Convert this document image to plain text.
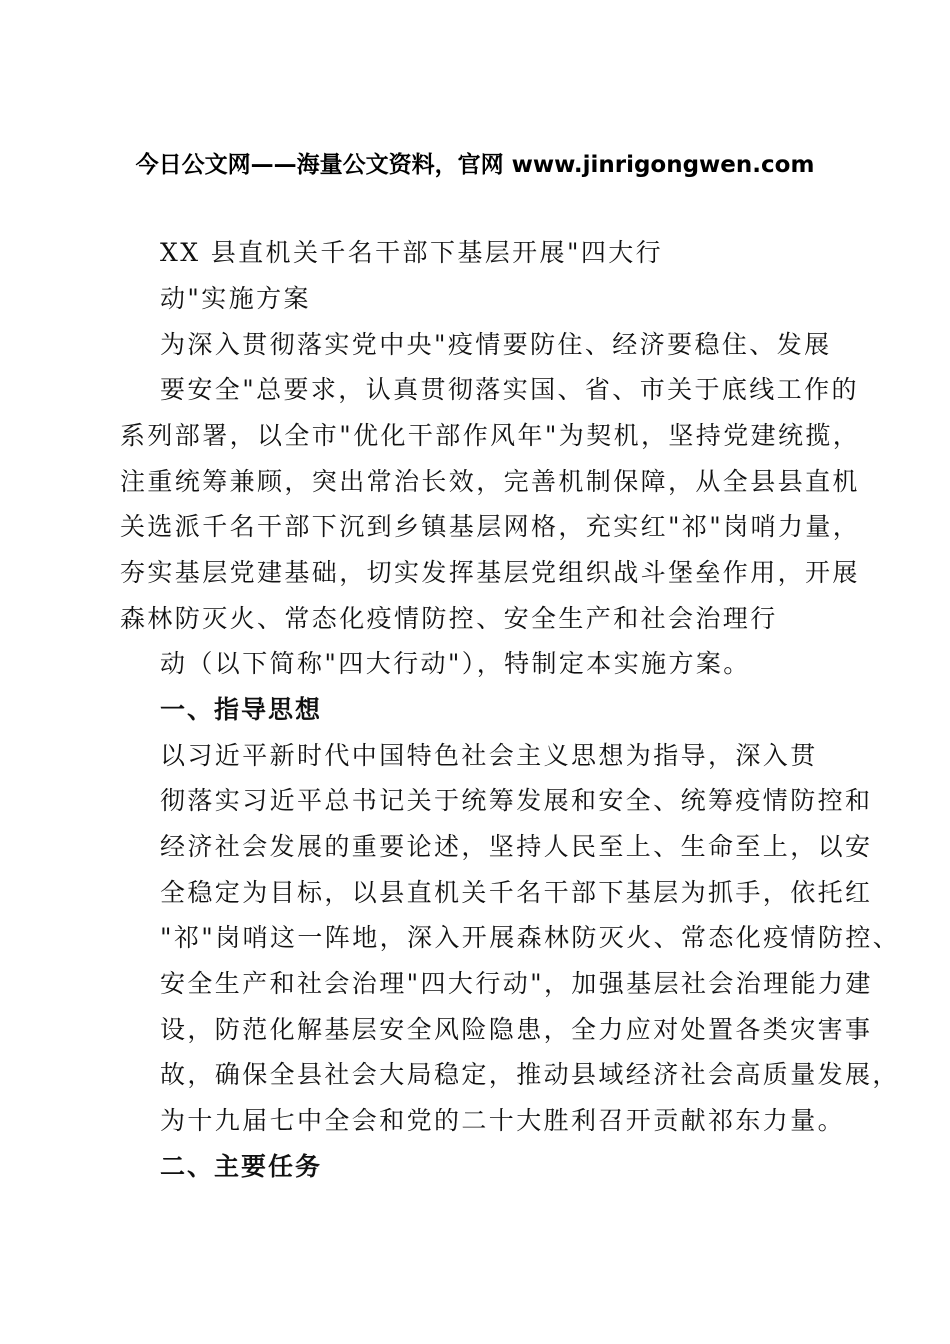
今日公文网——海量公文资料，官网 www.jinrigongwen.com
XX 县直机关千名干部下基层开展"四大行
动"实施方案
为深入贯彻落实党中央"疫情要防住、经济要稳住、发展
要安全"总要求，认真贯彻落实国、省、市关于底线工作的
系列部署，以全市"优化干部作风年"为契机，坚持党建统揽，
注重统筹兼顾，突出常治长效，完善机制保障，从全县县直机
关选派千名干部下沉到乡镇基层网格，充实红"祁"岗哨力量，
夯实基层党建基础，切实发挥基层党组织战斗堡垒作用，开展
森林防灭火、常态化疫情防控、安全生产和社会治理行
动（以下简称"四大行动"），特制定本实施方案。
一、指导思想
以习近平新时代中国特色社会主义思想为指导，深入贯
彻落实习近平总书记关于统筹发展和安全、统筹疫情防控和
经济社会发展的重要论述，坚持人民至上、生命至上，以安
全稳定为目标，以县直机关千名干部下基层为抓手，依托红
"祁"岗哨这一阵地，深入开展森林防灭火、常态化疫情防控、
安全生产和社会治理"四大行动"，加强基层社会治理能力建
设，防范化解基层安全风险隐患，全力应对处置各类灾害事
故，确保全县社会大局稳定，推动县域经济社会高质量发展，
为十九届七中全会和党的二十大胜利召开贡献祁东力量。
二、主要任务
